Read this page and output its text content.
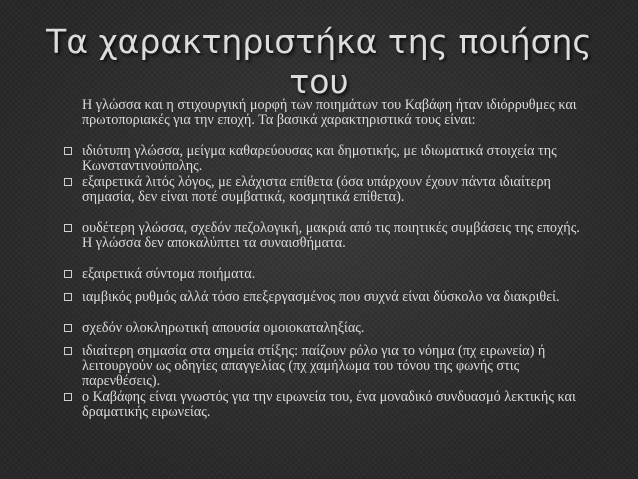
Τα χαρακτηριστήκα της ποιήσης του

Η γλώσσα και η στιχουργική μορφή των ποιημάτων του Καβάφη ήταν ιδιόρρυθμες και πρωτοποριακές για την εποχή. Τα βασικά χαρακτηριστικά τους είναι:

ιδιότυπη γλώσσα, μείγμα καθαρεύουσας και δημοτικής, με ιδιωματικά στοιχεία της Κωνσταντινούπολης.
εξαιρετικά λιτός λόγος, με ελάχιστα επίθετα (όσα υπάρχουν έχουν πάντα ιδιαίτερη σημασία, δεν είναι ποτέ συμβατικά, κοσμητικά επίθετα).
ουδέτερη γλώσσα, σχεδόν πεζολογική, μακριά από τις ποιητικές συμβάσεις της εποχής. Η γλώσσα δεν αποκαλύπτει τα συναισθήματα.
εξαιρετικά σύντομα ποιήματα.
ιαμβικός ρυθμός αλλά τόσο επεξεργασμένος που συχνά είναι δύσκολο να διακριθεί.
σχεδόν ολοκληρωτική απουσία ομοιοκαταληξίας.
ιδιαίτερη σημασία στα σημεία στίξης: παίζουν ρόλο για το νόημα (πχ ειρωνεία) ή λειτουργούν ως οδηγίες απαγγελίας (πχ χαμήλωμα του τόνου της φωνής στις παρενθέσεις).
ο Καβάφης είναι γνωστός για την ειρωνεία του, ένα μοναδικό συνδυασμό λεκτικής και δραματικής ειρωνείας.
